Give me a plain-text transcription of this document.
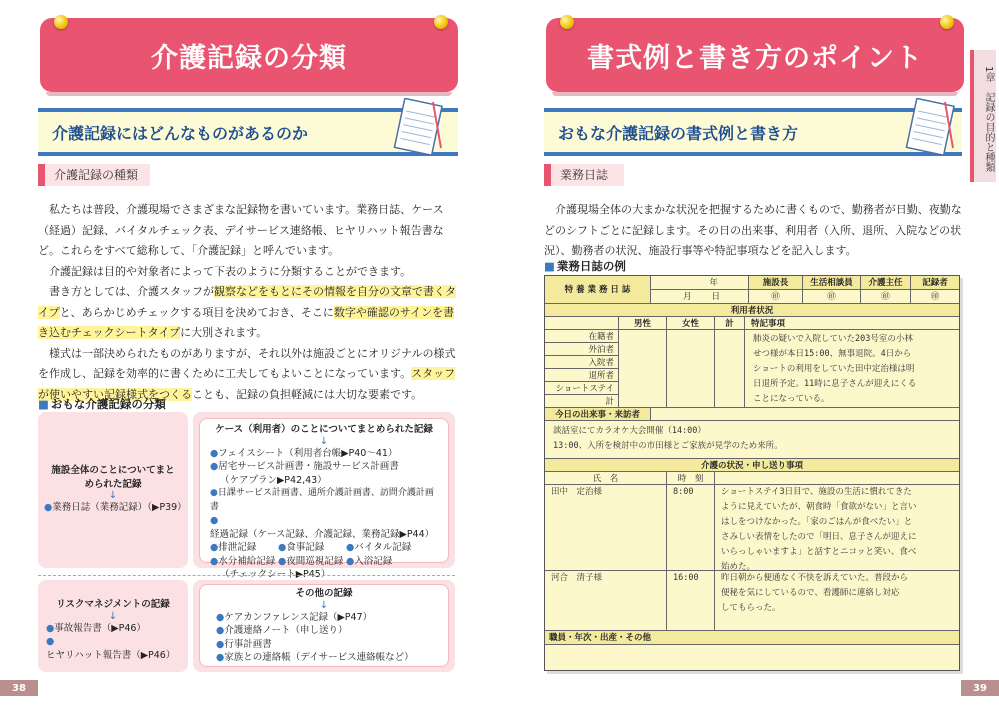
介護記録の分類
介護記録にはどんなものがあるのか
介護記録の種類

私たちは普段、介護現場でさまざまな記録物を書いています。業務日誌、ケース（経過）記録、バイタルチェック表、デイサービス連絡帳、ヒヤリハット報告書など。これらをすべて総称して、「介護記録」と呼んでいます。

介護記録は目的や対象者によって下表のように分類することができます。

書き方としては、介護スタッフが観察などをもとにその情報を自分の文章で書くタイプと、あらかじめチェックする項目を決めておき、そこに数字や確認のサインを書き込むチェックシートタイプに大別されます。

様式は一部決められたものがありますが、それ以外は施設ごとにオリジナルの様式を作成し、記録を効率的に書くために工夫してもよいことになっています。スタッフが使いやすい記録様式をつくることも、記録の負担軽減には大切な要素です。

■ おもな介護記録の分類
施設全体のことについてまとめられた記録
↓
●業務日誌（業務記録）（▶P39）
ケース（利用者）のことについてまとめられた記録
↓
●フェイスシート（利用者台帳▶P40〜41）
●居宅サービス計画書・施設サービス計画書
（ケアプラン▶P42,43）
●日課サービス計画書、通所介護計画書、訪問介護計画書
●経過記録（ケース記録、介護記録、業務記録▶P44）
●排泄記録	●食事記録	●バイタル記録
●水分補給記録 ●夜間巡視記録 ●入浴記録
（チェックシート▶P45）
リスクマネジメントの記録
↓
●事故報告書（▶P46）
●ヒヤリハット報告書（▶P46）
その他の記録
↓
●ケアカンファレンス記録（▶P47）
●介護連絡ノート（申し送り）
●行事計画書
●家族との連絡帳（デイサービス連絡帳など）
38
書式例と書き方のポイント
おもな介護記録の書式例と書き方
業務日誌

介護現場全体の大まかな状況を把握するために書くもので、勤務者が日勤、夜勤などのシフトごとに記録します。その日の出来事、利用者（入所、退所、入院などの状況）、勤務者の状況、施設行事等や特記事項などを記入します。

■ 業務日誌の例
39
特 養 業 務 日 誌
年
月 日
施設長	生活相談員	介護主任	記録者
㊞	㊞	㊞	㊞
利用者状況
男性	女性	計	特記事項
在籍者
外泊者
入院者
退所者
ショートステイ
計
肺炎の疑いで入院していた203号室の小林
せつ様が本日15:00、無事退院。4日から
ショートの利用をしていた田中定治様は明
日退所予定。11時に息子さんが迎えにくる
ことになっている。
今日の出来事・来訪者
談話室にてカラオケ大会開催（14:00）
13:00、入所を検討中の市田様とご家族が見学のため来所。
介護の状況・申し送り事項
氏　名	時　刻
田中　定治様	8:00	ショートステイ3日目で、施設の生活に慣れてきた
ように見えていたが、朝食時「食欲がない」と言い
はしをつけなかった。「家のごはんが食べたい」と
さみしい表情をしたので「明日、息子さんが迎えに
いらっしゃいますよ」と話すとニコッと笑い、食べ
始めた。
河合　清子様	16:00	昨日朝から便通なく不快を訴えていた。普段から
便秘を気にしているので、看護師に連絡し対応
してもらった。
職員・年次・出産・その他
1章　記録の目的と種類
